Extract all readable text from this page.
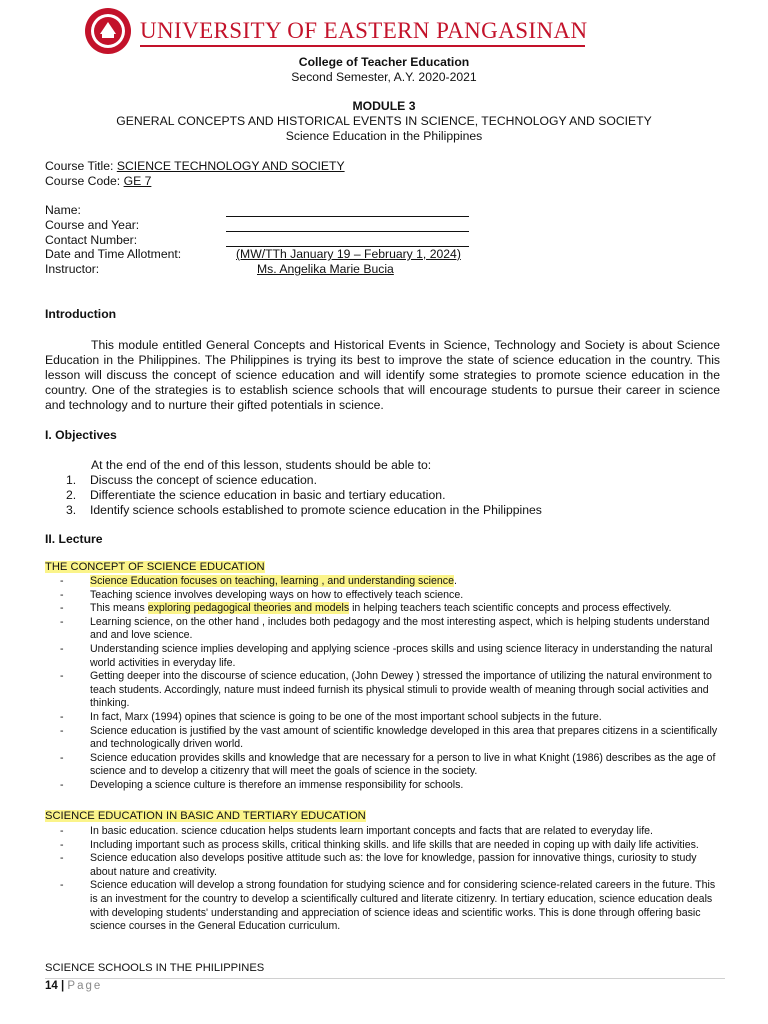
UNIVERSITY OF EASTERN PANGASINAN
College of Teacher Education
Second Semester, A.Y. 2020-2021
MODULE 3
GENERAL CONCEPTS AND HISTORICAL EVENTS IN SCIENCE, TECHNOLOGY AND SOCIETY
Science Education in the Philippines
Course Title: SCIENCE TECHNOLOGY AND SOCIETY
Course Code: GE 7
Name:
Course and Year:
Contact Number:
Date and Time Allotment:	(MW/TTh January 19 – February 1, 2024)
Instructor:	Ms. Angelika Marie Bucia
Introduction
This module entitled General Concepts and Historical Events in Science, Technology and Society is about Science Education in the Philippines. The Philippines is trying its best to improve the state of science education in the country. This lesson will discuss the concept of science education and will identify some strategies to promote science education in the country. One of the strategies is to establish science schools that will encourage students to pursue their career in science and technology and to nurture their gifted potentials in science.
I. Objectives
At the end of the end of this lesson, students should be able to:
1. Discuss the concept of science education.
2. Differentiate the science education in basic and tertiary education.
3. Identify science schools established to promote science education in the Philippines
II. Lecture
THE CONCEPT OF SCIENCE EDUCATION
- Science Education focuses on teaching, learning , and understanding science.
- Teaching science involves developing ways on how to effectively teach science.
- This means exploring pedagogical theories and models in helping teachers teach scientific concepts and process effectively.
- Learning science, on the other hand , includes both pedagogy and the most interesting aspect, which is helping students understand and and love science.
- Understanding science implies developing and applying science -proces skills and using science literacy in understanding the natural world activities in everyday life.
- Getting deeper into the discourse of science education, (John Dewey ) stressed the importance of utilizing the natural environment to teach students. Accordingly, nature must indeed furnish its physical stimuli to provide wealth of meaning through social activities and thinking.
- In fact, Marx (1994) opines that science is going to be one of the most important school subjects in the future.
- Science education is justified by the vast amount of scientific knowledge developed in this area that prepares citizens in a scientifically and technologically driven world.
- Science education provides skills and knowledge that are necessary for a person to live in what Knight (1986) describes as the age of science and to develop a citizenry that will meet the goals of science in the society.
- Developing a science culture is therefore an immense responsibility for schools.
SCIENCE EDUCATION IN BASIC AND TERTIARY EDUCATION
- In basic education. science cducation helps students learn important concepts and facts that are related to everyday life.
- Including important such as process skills, critical thinking skills. and life skills that are needed in coping up with daily life activities.
- Science education also develops positive attitude such as: the love for knowledge, passion for innovative things, curiosity to study about nature and creativity.
- Science education will develop a strong foundation for studying science and for considering science-related careers in the future. This is an investment for the country to develop a scientifically cultured and literate citizenry. In tertiary education, science education deals with developing students' understanding and appreciation of science ideas and scientific works. This is done through offering basic science courses in the General Education curriculum.
SCIENCE SCHOOLS IN THE PHILIPPINES
14 | Page
